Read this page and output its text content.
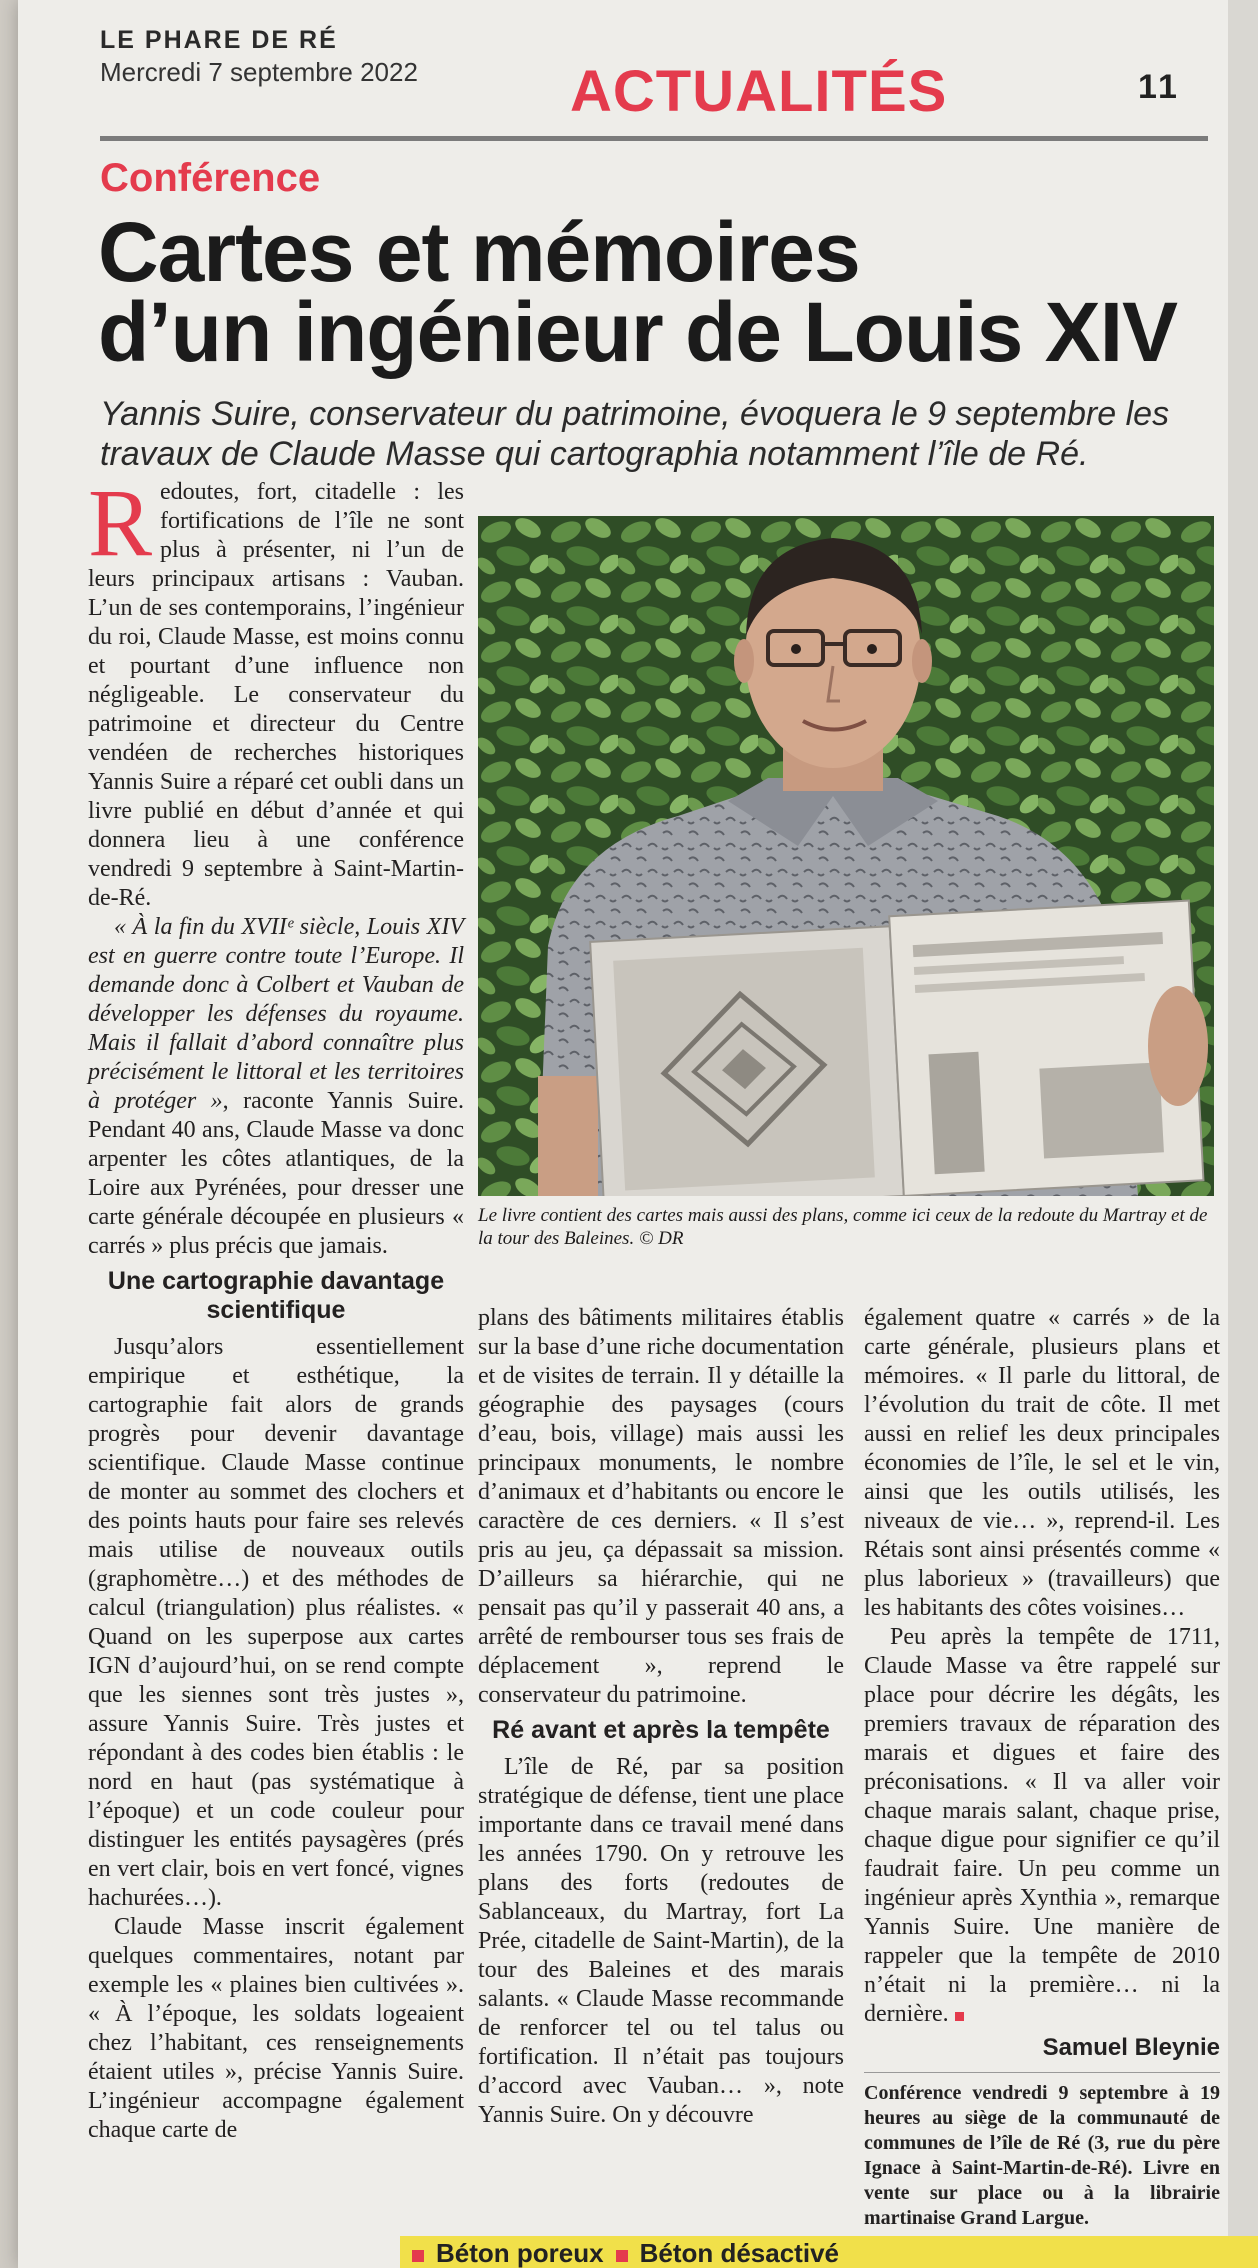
LE PHARE DE RÉ
Mercredi 7 septembre 2022	ACTUALITÉS	11
Conférence
Cartes et mémoires
d’un ingénieur de Louis XIV
Yannis Suire, conservateur du patrimoine, évoquera le 9 septembre les travaux de Claude Masse qui cartographia notamment l’île de Ré.

Redoutes, fort, citadelle : les fortifications de l’île ne sont plus à présenter, ni l’un de leurs principaux artisans : Vauban. L’un de ses contemporains, l’ingénieur du roi, Claude Masse, est moins connu et pourtant d’une influence non négligeable. Le conservateur du patrimoine et directeur du Centre vendéen de recherches historiques Yannis Suire a réparé cet oubli dans un livre publié en début d’année et qui donnera lieu à une conférence vendredi 9 septembre à Saint-Martin-de-Ré.

« À la fin du XVIIᵉ siècle, Louis XIV est en guerre contre toute l’Europe. Il demande donc à Colbert et Vauban de développer les défenses du royaume. Mais il fallait d’abord connaître plus précisément le littoral et les territoires à protéger », raconte Yannis Suire. Pendant 40 ans, Claude Masse va donc arpenter les côtes atlantiques, de la Loire aux Pyrénées, pour dresser une carte générale découpée en plusieurs « carrés » plus précis que jamais.

Une cartographie davantage scientifique

Jusqu’alors essentiellement empirique et esthétique, la cartographie fait alors de grands progrès pour devenir davantage scientifique. Claude Masse continue de monter au sommet des clochers et des points hauts pour faire ses relevés mais utilise de nouveaux outils (graphomètre…) et des méthodes de calcul (triangulation) plus réalistes. « Quand on les superpose aux cartes IGN d’aujourd’hui, on se rend compte que les siennes sont très justes », assure Yannis Suire. Très justes et répondant à des codes bien établis : le nord en haut (pas systématique à l’époque) et un code couleur pour distinguer les entités paysagères (prés en vert clair, bois en vert foncé, vignes hachurées…).

Claude Masse inscrit également quelques commentaires, notant par exemple les « plaines bien cultivées ». « À l’époque, les soldats logeaient chez l’habitant, ces renseignements étaient utiles », précise Yannis Suire. L’ingénieur accompagne également chaque carte de

Le livre contient des cartes mais aussi des plans, comme ici ceux de la redoute du Martray et de la tour des Baleines. © DR

plans des bâtiments militaires établis sur la base d’une riche documentation et de visites de terrain. Il y détaille la géographie des paysages (cours d’eau, bois, village) mais aussi les principaux monuments, le nombre d’animaux et d’habitants ou encore le caractère de ces derniers. « Il s’est pris au jeu, ça dépassait sa mission. D’ailleurs sa hiérarchie, qui ne pensait pas qu’il y passerait 40 ans, a arrêté de rembourser tous ses frais de déplacement », reprend le conservateur du patrimoine.

Ré avant et après la tempête

L’île de Ré, par sa position stratégique de défense, tient une place importante dans ce travail mené dans les années 1790. On y retrouve les plans des forts (redoutes de Sablanceaux, du Martray, fort La Prée, citadelle de Saint-Martin), de la tour des Baleines et des marais salants. « Claude Masse recommande de renforcer tel ou tel talus ou fortification. Il n’était pas toujours d’accord avec Vauban… », note Yannis Suire. On y découvre

également quatre « carrés » de la carte générale, plusieurs plans et mémoires. « Il parle du littoral, de l’évolution du trait de côte. Il met aussi en relief les deux principales économies de l’île, le sel et le vin, ainsi que les outils utilisés, les niveaux de vie… », reprend-il. Les Rétais sont ainsi présentés comme « plus laborieux » (travailleurs) que les habitants des côtes voisines…

Peu après la tempête de 1711, Claude Masse va être rappelé sur place pour décrire les dégâts, les premiers travaux de réparation des marais et digues et faire des préconisations. « Il va aller voir chaque marais salant, chaque prise, chaque digue pour signifier ce qu’il faudrait faire. Un peu comme un ingénieur après Xynthia », remarque Yannis Suire. Une manière de rappeler que la tempête de 2010 n’était ni la première… ni la dernière.

Samuel Bleynie
Conférence vendredi 9 septembre à 19 heures au siège de la communauté de communes de l’île de Ré (3, rue du père Ignace à Saint-Martin-de-Ré). Livre en vente sur place ou à la librairie martinaise Grand Largue.
Béton poreux Béton désactivé
